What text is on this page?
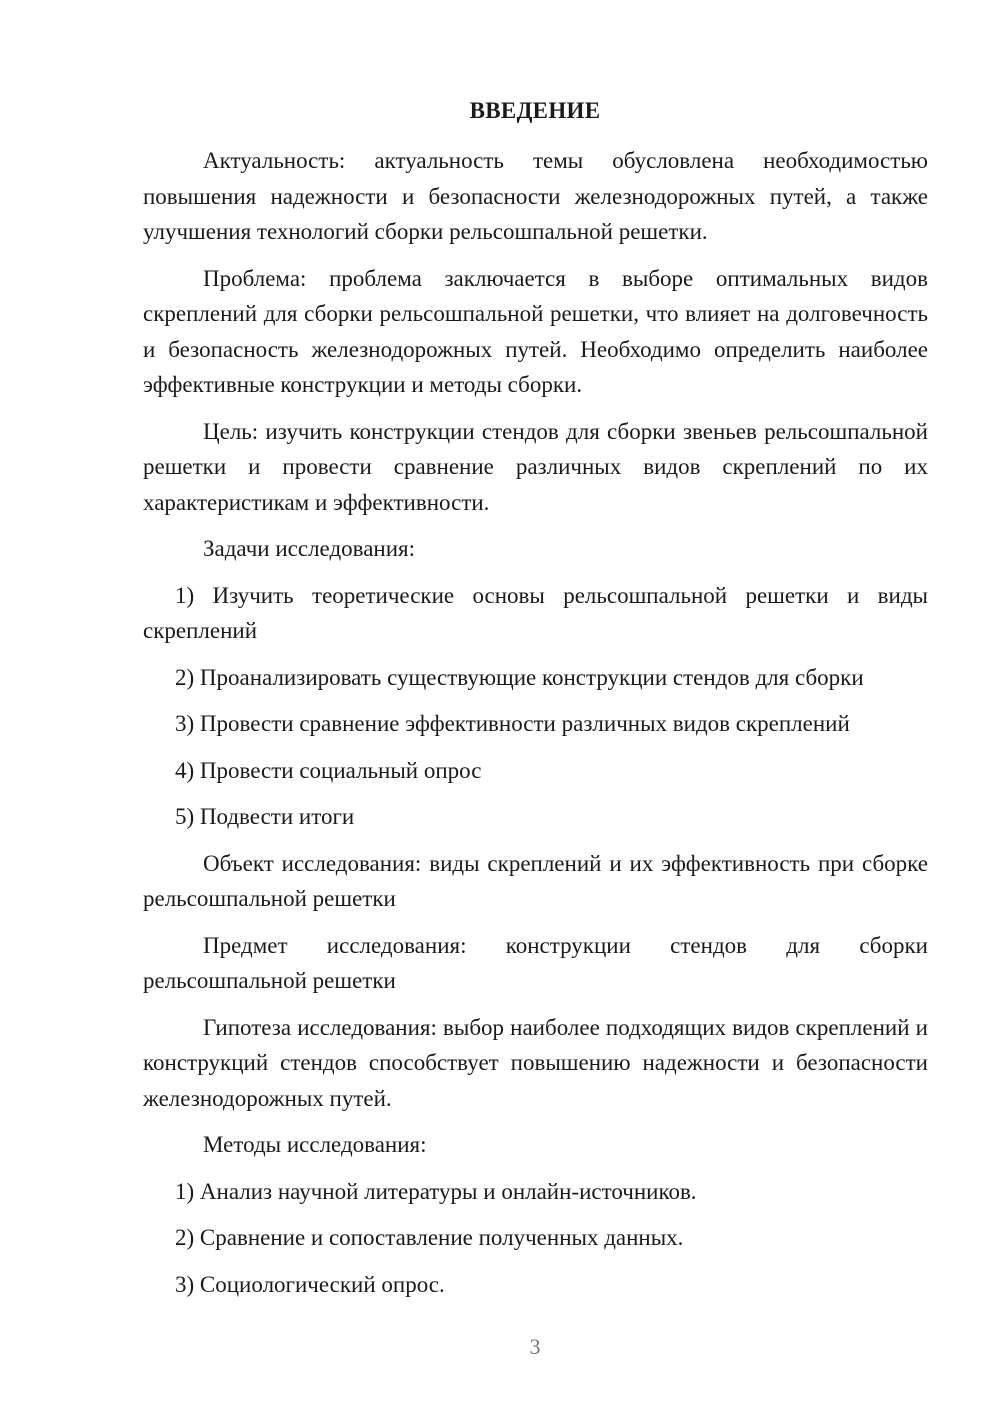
ВВЕДЕНИЕ

Актуальность: актуальность темы обусловлена необходимостью повышения надежности и безопасности железнодорожных путей, а также улучшения технологий сборки рельсошпальной решетки.

Проблема: проблема заключается в выборе оптимальных видов скреплений для сборки рельсошпальной решетки, что влияет на долговечность и безопасность железнодорожных путей. Необходимо определить наиболее эффективные конструкции и методы сборки.

Цель: изучить конструкции стендов для сборки звеньев рельсошпальной решетки и провести сравнение различных видов скреплений по их характеристикам и эффективности.

Задачи исследования:

1) Изучить теоретические основы рельсошпальной решетки и виды скреплений

2) Проанализировать существующие конструкции стендов для сборки

3) Провести сравнение эффективности различных видов скреплений

4) Провести социальный опрос

5) Подвести итоги

Объект исследования: виды скреплений и их эффективность при сборке рельсошпальной решетки

Предмет исследования: конструкции стендов для сборки рельсошпальной решетки

Гипотеза исследования: выбор наиболее подходящих видов скреплений и конструкций стендов способствует повышению надежности и безопасности железнодорожных путей.

Методы исследования:

1) Анализ научной литературы и онлайн-источников.

2) Сравнение и сопоставление полученных данных.

3) Социологический опрос.

3
